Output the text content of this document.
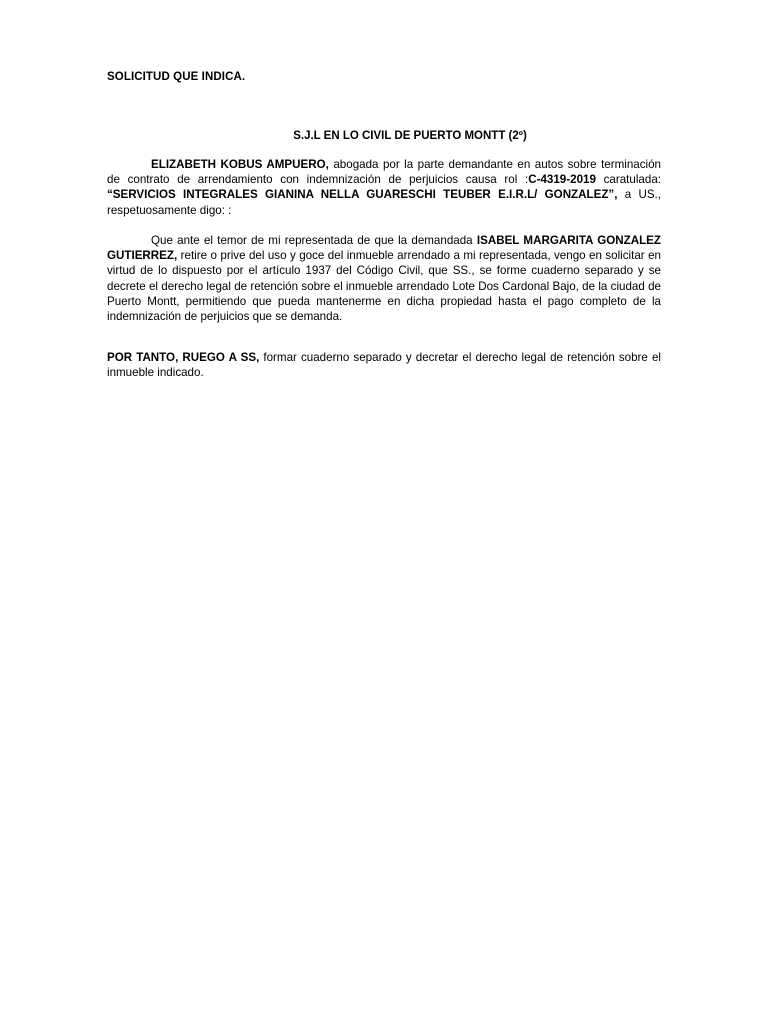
SOLICITUD QUE INDICA.
S.J.L EN LO CIVIL DE PUERTO MONTT (2º)
ELIZABETH KOBUS AMPUERO, abogada por la parte demandante en autos sobre terminación de contrato de arrendamiento con indemnización de perjuicios causa rol :C-4319-2019 caratulada: “SERVICIOS INTEGRALES GIANINA NELLA GUARESCHI TEUBER E.I.R.L/ GONZALEZ”, a US., respetuosamente digo: :
Que ante el temor de mi representada de que la demandada ISABEL MARGARITA GONZALEZ GUTIERREZ, retire o prive del uso y goce del inmueble arrendado a mi representada, vengo en solicitar en virtud de lo dispuesto por el artículo 1937 del Código Civil, que SS., se forme cuaderno separado y se decrete el derecho legal de retención sobre el inmueble arrendado Lote Dos Cardonal Bajo, de la ciudad de Puerto Montt, permitiendo que pueda mantenerme en dicha propiedad hasta el pago completo de la indemnización de perjuicios que se demanda.
POR TANTO, RUEGO A SS, formar cuaderno separado y decretar el derecho legal de retención sobre el inmueble indicado.
